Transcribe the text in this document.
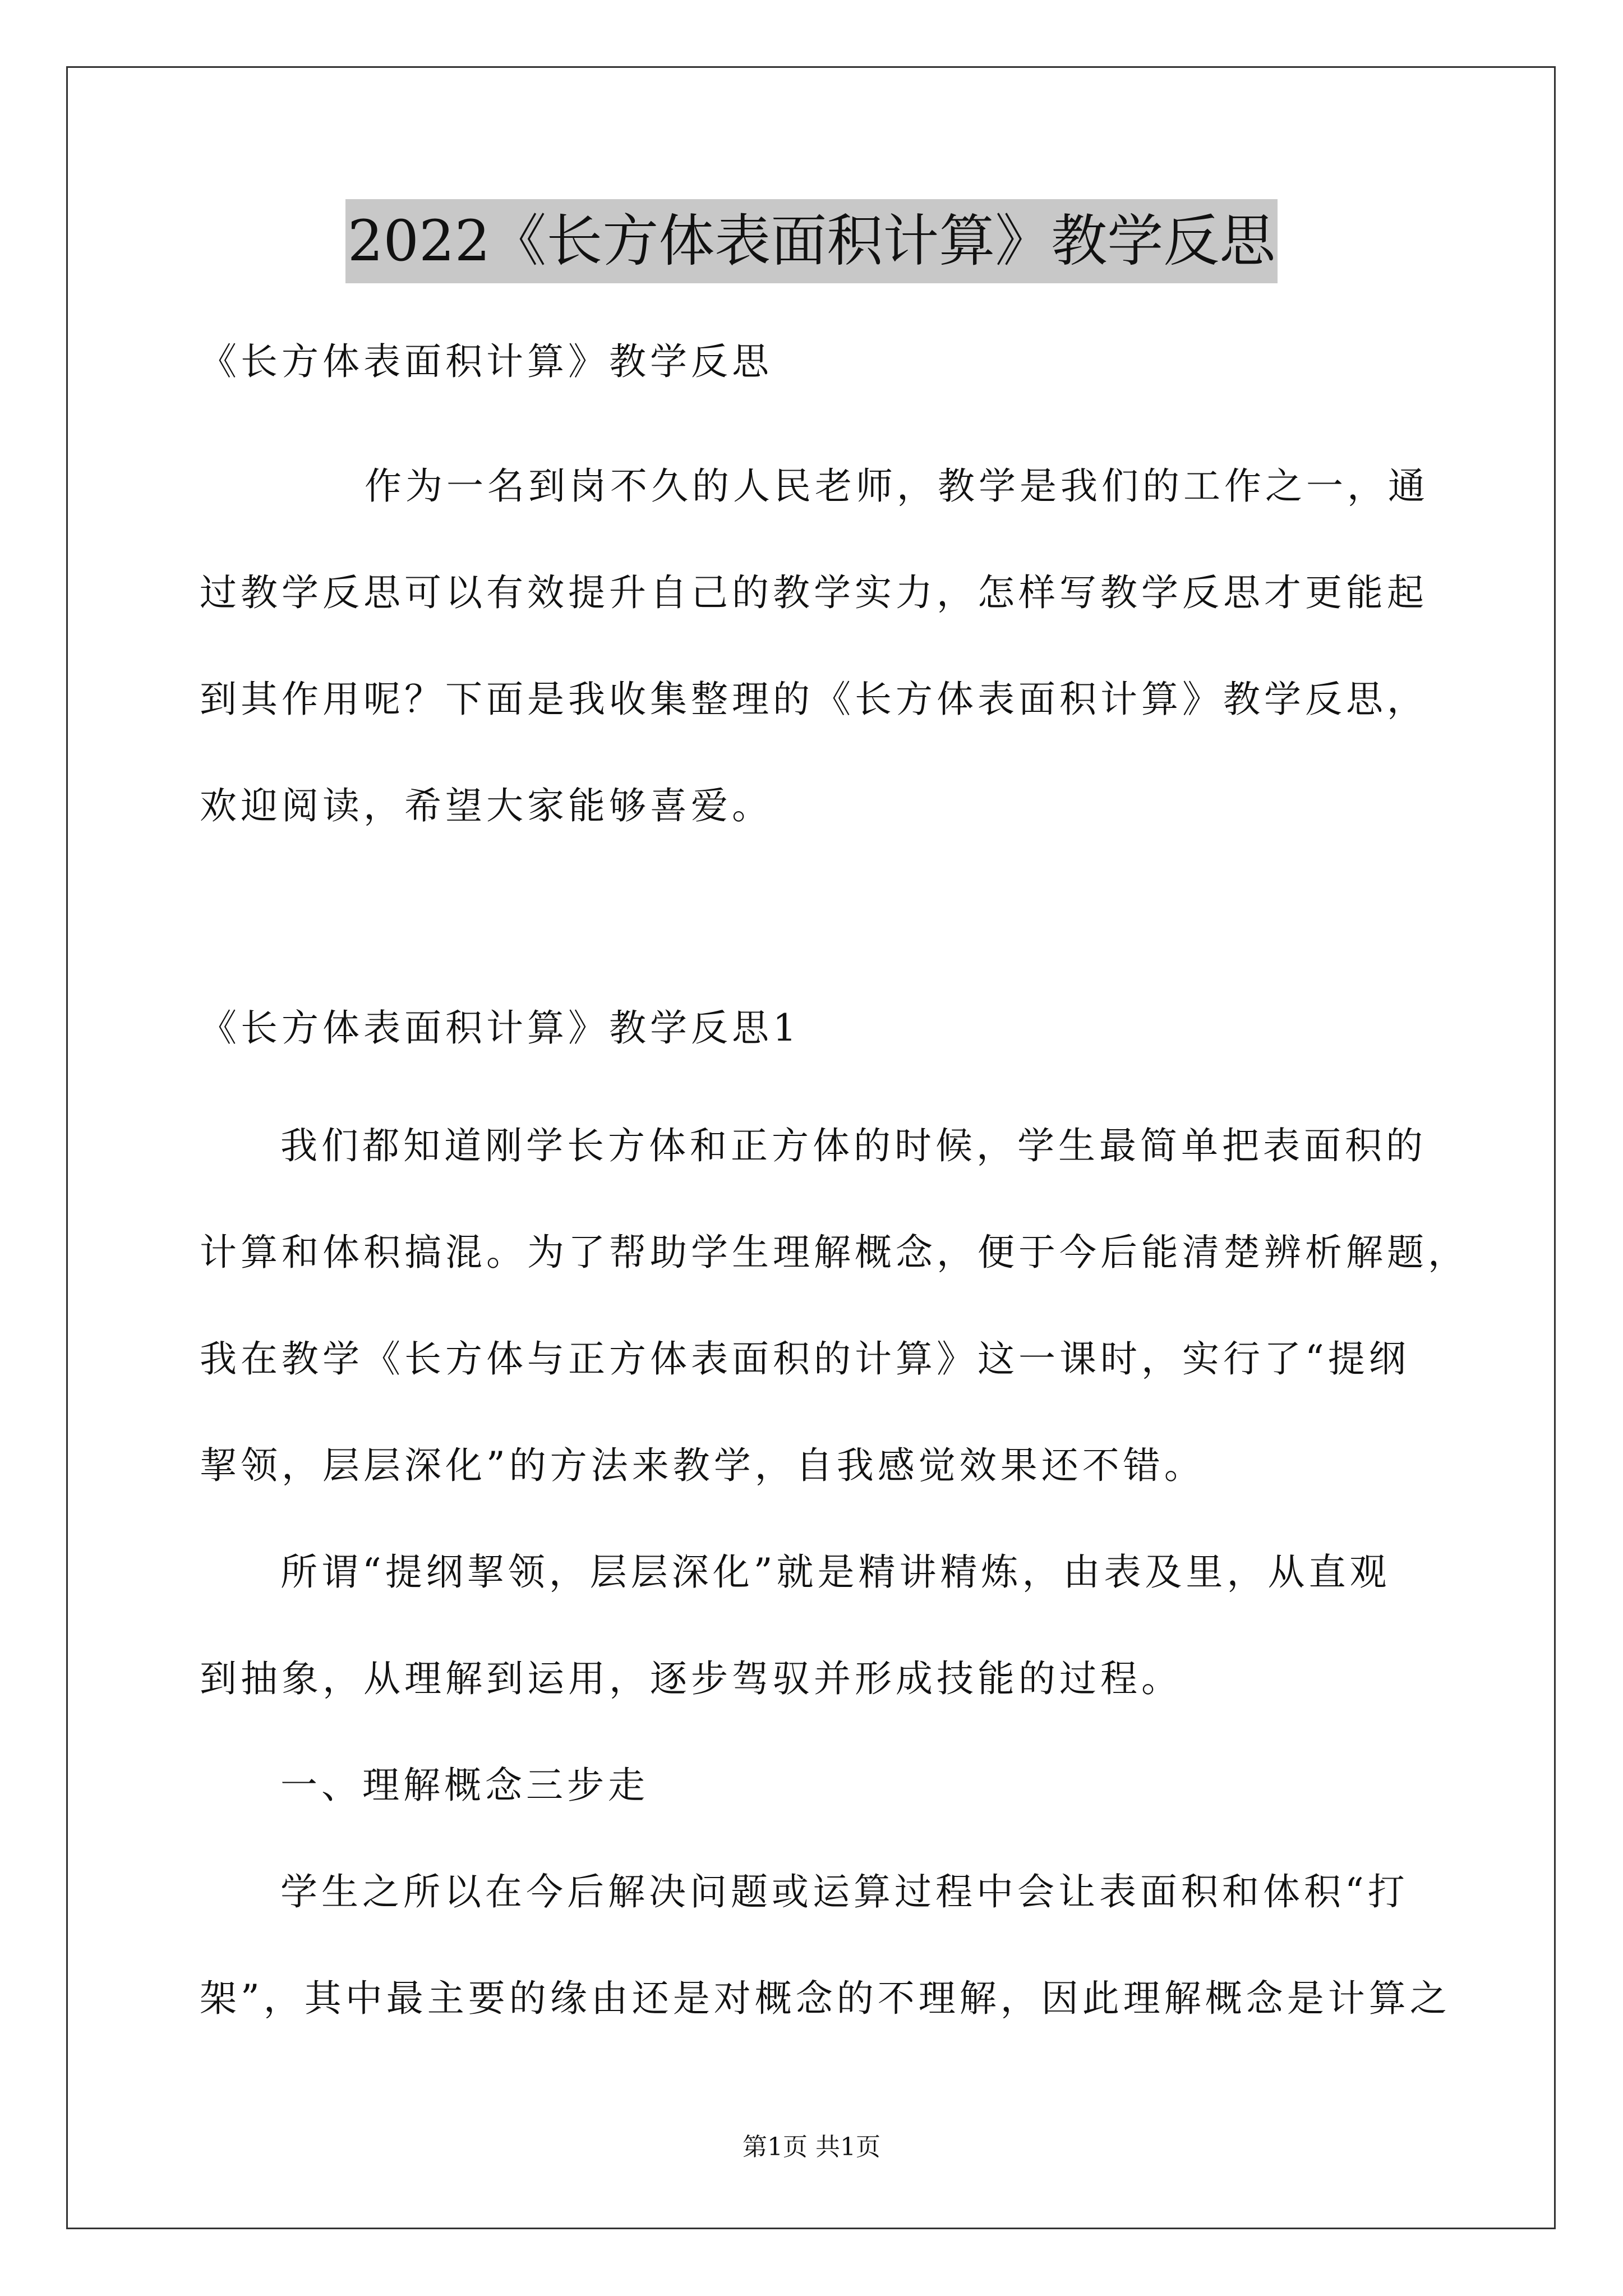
2022《长方体表面积计算》教学反思
《长方体表面积计算》教学反思
作为一名到岗不久的人民老师，教学是我们的工作之一，通
过教学反思可以有效提升自己的教学实力，怎样写教学反思才更能起
到其作用呢？下面是我收集整理的《长方体表面积计算》教学反思，
欢迎阅读，希望大家能够喜爱。
《长方体表面积计算》教学反思1
我们都知道刚学长方体和正方体的时候，学生最简单把表面积的
计算和体积搞混。为了帮助学生理解概念，便于今后能清楚辨析解题，
我在教学《长方体与正方体表面积的计算》这一课时，实行了“提纲
挈领，层层深化”的方法来教学，自我感觉效果还不错。
所谓“提纲挈领，层层深化”就是精讲精炼，由表及里，从直观
到抽象，从理解到运用，逐步驾驭并形成技能的过程。
一、理解概念三步走
学生之所以在今后解决问题或运算过程中会让表面积和体积“打
架”，其中最主要的缘由还是对概念的不理解，因此理解概念是计算之
第1页 共1页
